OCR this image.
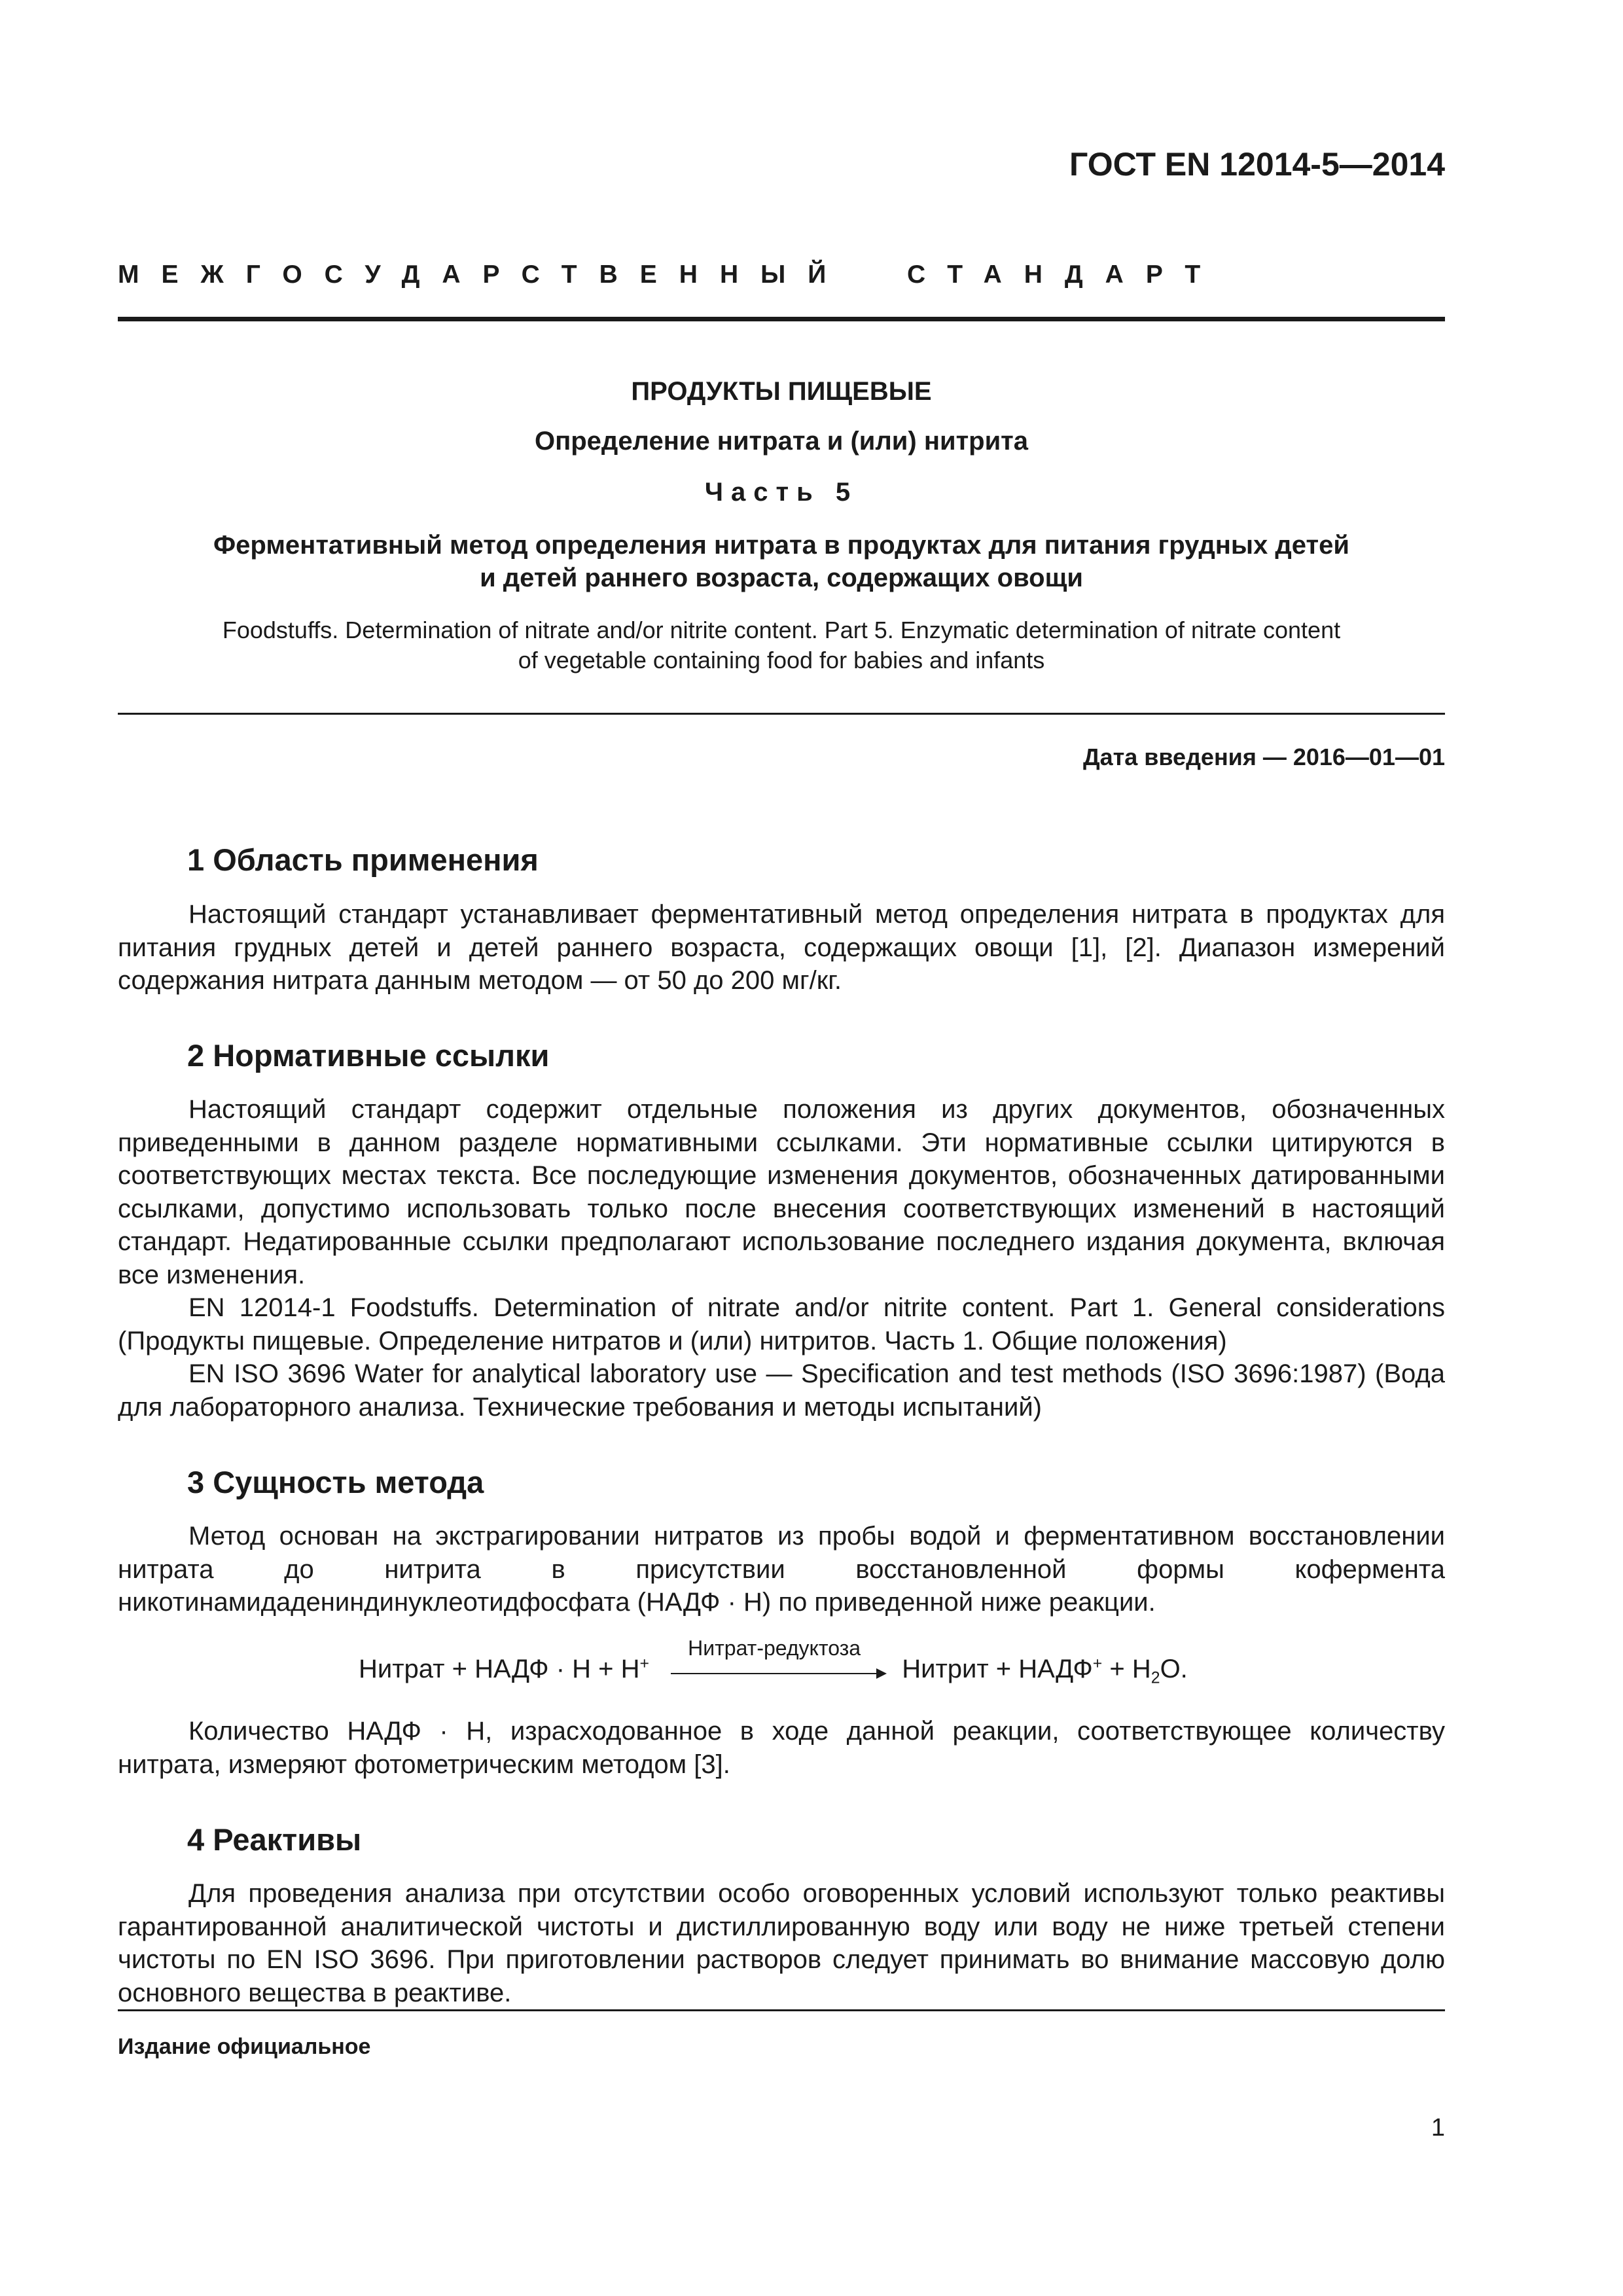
ГОСТ EN 12014-5—2014
МЕЖГОСУДАРСТВЕННЫЙ  СТАНДАРТ
ПРОДУКТЫ ПИЩЕВЫЕ
Определение нитрата и (или) нитрита
Часть 5
Ферментативный метод определения нитрата в продуктах для питания грудных детей
и детей раннего возраста, содержащих овощи
Foodstuffs. Determination of nitrate and/or nitrite content. Part 5. Enzymatic determination of nitrate content
of vegetable containing food for babies and infants
Дата введения — 2016—01—01
1 Область применения

Настоящий стандарт устанавливает ферментативный метод определения нитрата в продуктах для питания грудных детей и детей раннего возраста, содержащих овощи [1], [2]. Диапазон измерений содержания нитрата данным методом — от 50 до 200 мг/кг.

2 Нормативные ссылки

Настоящий стандарт содержит отдельные положения из других документов, обозначенных приведенными в данном разделе нормативными ссылками. Эти нормативные ссылки цитируются в соответствующих местах текста. Все последующие изменения документов, обозначенных датированными ссылками, допустимо использовать только после внесения соответствующих изменений в настоящий стандарт. Недатированные ссылки предполагают использование последнего издания документа, включая все изменения.

EN 12014-1 Foodstuffs. Determination of nitrate and/or nitrite content. Part 1. General considerations (Продукты пищевые. Определение нитратов и (или) нитритов. Часть 1. Общие положения)

EN ISO 3696 Water for analytical laboratory use — Specification and test methods (ISO 3696:1987) (Вода для лабораторного анализа. Технические требования и методы испытаний)

3 Сущность метода

Метод основан на экстрагировании нитратов из пробы водой и ферментативном восстановлении нитрата до нитрита в присутствии восстановленной формы кофермента никотинамидадениндинуклеотидфосфата (НАДФ · Н) по приведенной ниже реакции.

Нитрат + НАДФ · Н + Н+
Нитрат-редуктоза
Нитрит + НАДФ+ + $Н_2О$.

Количество НАДФ · Н, израсходованное в ходе данной реакции, соответствующее количеству нитрата, измеряют фотометрическим методом [3].

4 Реактивы

Для проведения анализа при отсутствии особо оговоренных условий используют только реактивы гарантированной аналитической чистоты и дистиллированную воду или воду не ниже третьей степени чистоты по EN ISO 3696. При приготовлении растворов следует принимать во внимание массовую долю основного вещества в реактиве.

Издание официальное
1
